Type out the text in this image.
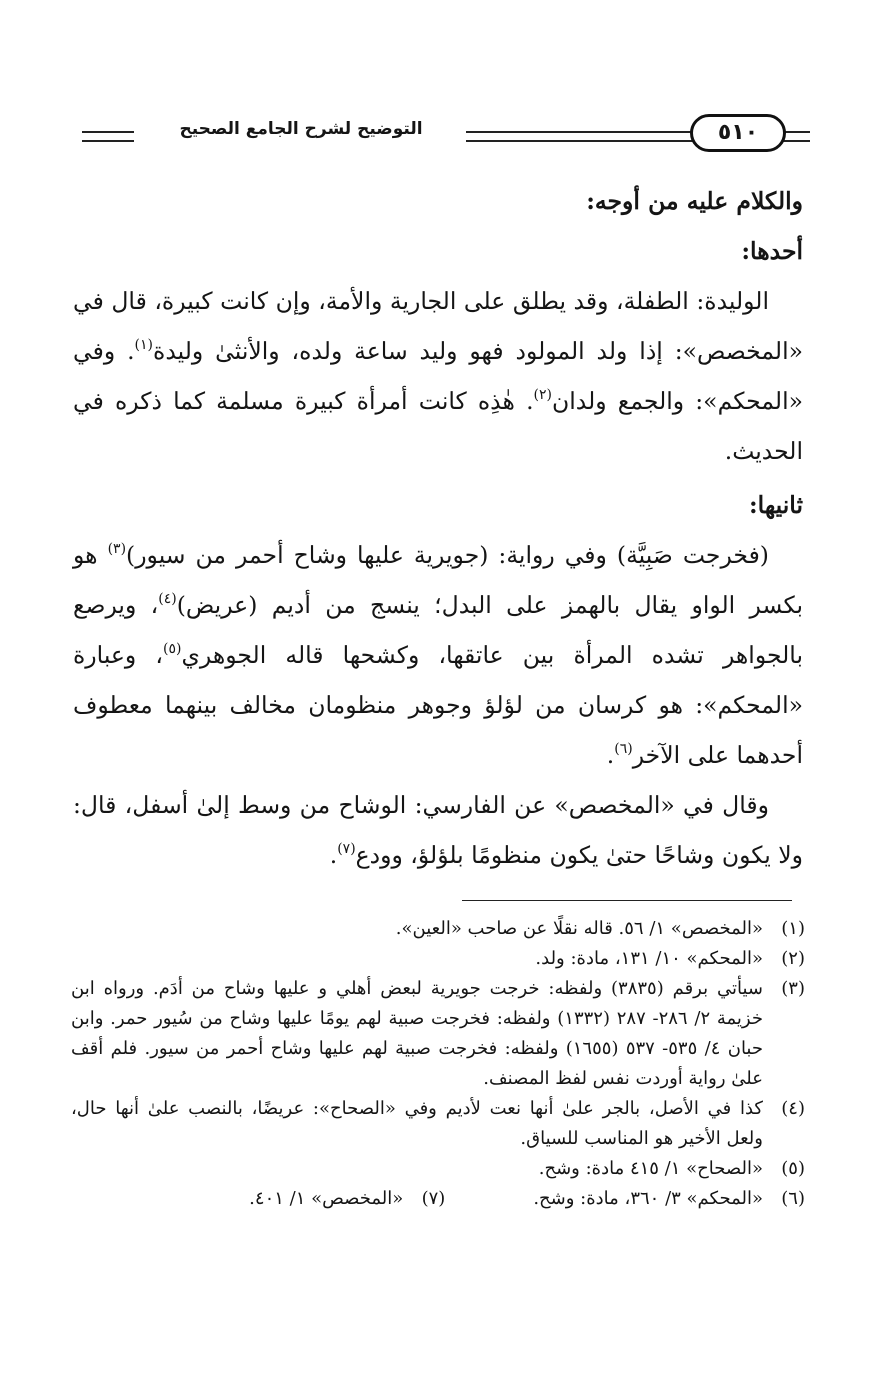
التوضيح لشرح الجامع الصحيح	٥١٠

والكلام عليه من أوجه:

أحدها:

الوليدة: الطفلة، وقد يطلق على الجارية والأمة، وإن كانت كبيرة، قال في «المخصص»: إذا ولد المولود فهو وليد ساعة ولده، والأنثىٰ وليدة$^{(١)}$. وفي «المحكم»: والجمع ولدان$^{(٢)}$. هٰذِه كانت أمرأة كبيرة مسلمة كما ذكره في الحديث.

ثانيها:

(فخرجت صَبِيَّة) وفي رواية: (جويرية عليها وشاح أحمر من سيور)$^{(٣)}$ هو بكسر الواو يقال بالهمز على البدل؛ ينسج من أديم (عريض)$^{(٤)}$، ويرصع بالجواهر تشده المرأة بين عاتقها، وكشحها قاله الجوهري$^{(٥)}$، وعبارة «المحكم»: هو كرسان من لؤلؤ وجوهر منظومان مخالف بينهما معطوف أحدهما على الآخر$^{(٦)}$.

وقال في «المخصص» عن الفارسي: الوشاح من وسط إلىٰ أسفل، قال: ولا يكون وشاحًا حتىٰ يكون منظومًا بلؤلؤ، وودع$^{(٧)}$.

(١)
«المخصص» ١/ ٥٦. قاله نقلًا عن صاحب «العين».
(٢)
«المحكم» ١٠/ ١٣١، مادة: ولد.
(٣)
سيأتي برقم (٣٨٣٥) ولفظه: خرجت جويرية لبعض أهلي و عليها وشاح من أدَم. ورواه ابن خزيمة ٢/ ٢٨٦- ٢٨٧ (١٣٣٢) ولفظه: فخرجت صبية لهم يومًا عليها وشاح من سُيور حمر. وابن حبان ٤/ ٥٣٥- ٥٣٧ (١٦٥٥) ولفظه: فخرجت صبية لهم عليها وشاح أحمر من سيور. فلم أقف علىٰ رواية أوردت نفس لفظ المصنف.
(٤)
كذا في الأصل، بالجر علىٰ أنها نعت لأديم وفي «الصحاح»: عريضًا، بالنصب علىٰ أنها حال، ولعل الأخير هو المناسب للسياق.
(٥)
«الصحاح» ١/ ٤١٥ مادة: وشح.
(٦)
«المحكم» ٣/ ٣٦٠، مادة: وشح.
(٧)
«المخصص» ١/ ٤٠١.
